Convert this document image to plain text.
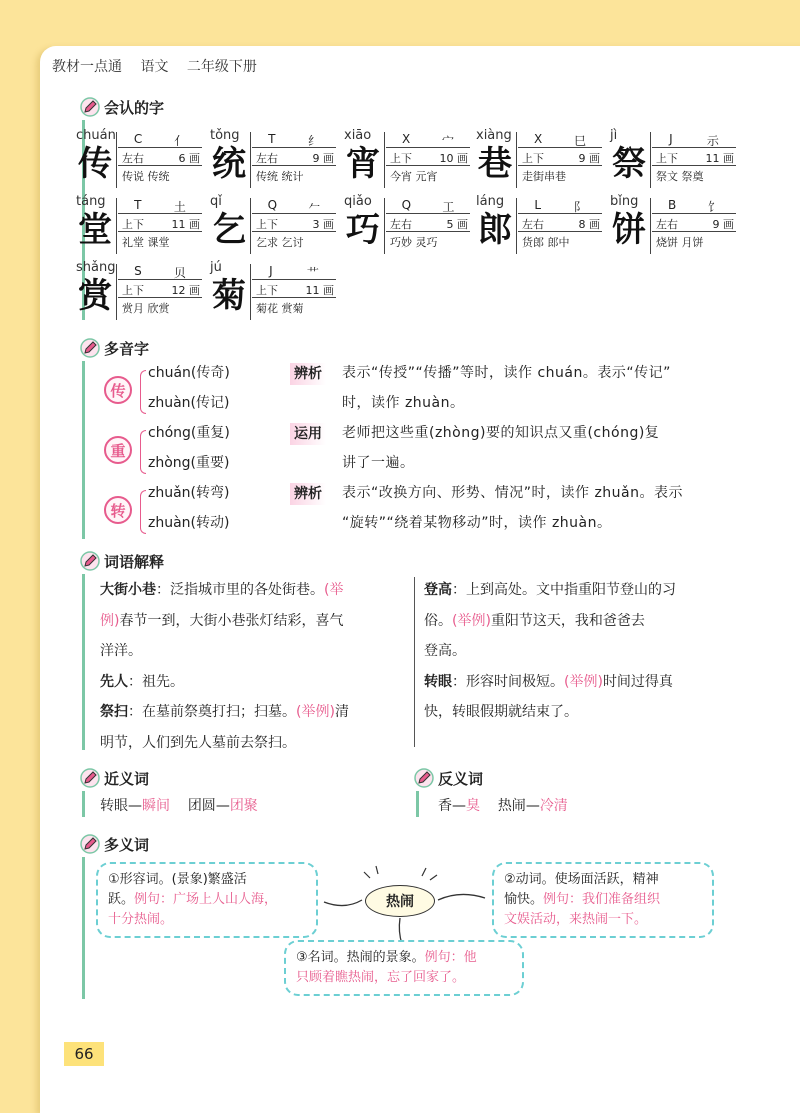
教材一点通 语文 二年级下册
会认的字
多音字
词语解释
近义词	反义词
多义词
chuán
传
C	亻
左右	6 画
传说 传统
tǒng
统
T	纟
左右	9 画
传统 统计
xiāo
宵
X	宀
上下	10 画
今宵 元宵
xiàng
巷
X	巳
上下	9 画
走街串巷
jì
祭
J	示
上下	11 画
祭文 祭奠
táng
堂
T	土
上下	11 画
礼堂 课堂
qǐ
乞
Q	𠂉
上下	3 画
乞求 乞讨
qiǎo
巧
Q	工
左右	5 画
巧妙 灵巧
láng
郎
L	阝
左右	8 画
货郎 郎中
bǐng
饼
B	饣
左右	9 画
烧饼 月饼
shǎng
赏
S	贝
上下	12 画
赏月 欣赏
jú
菊
J	艹
上下	11 画
菊花 赏菊
传
chuán(传奇)
zhuàn(传记)
辨析 表示“传授”“传播”等时，读作 chuán。表示“传记”
时，读作 zhuàn。
重
chóng(重复)
zhòng(重要)
运用 老师把这些重(zhòng)要的知识点又重(chóng)复
讲了一遍。
转
zhuǎn(转弯)
zhuàn(转动)
辨析 表示“改换方向、形势、情况”时，读作 zhuǎn。表示
“旋转”“绕着某物移动”时，读作 zhuàn。
大街小巷：泛指城市里的各处街巷。(举
例)春节一到，大街小巷张灯结彩，喜气
洋洋。
先人：祖先。
祭扫：在墓前祭奠打扫；扫墓。(举例)清
明节，人们到先人墓前去祭扫。
登高：上到高处。文中指重阳节登山的习
俗。(举例)重阳节这天，我和爸爸去
登高。
转眼：形容时间极短。(举例)时间过得真
快，转眼假期就结束了。
转眼—瞬间 团圆—团聚	香—臭 热闹—冷清
热闹
①形容词。(景象)繁盛活
跃。例句：广场上人山人海，
十分热闹。
②动词。使场面活跃，精神
愉快。例句：我们准备组织
文娱活动，来热闹一下。
③名词。热闹的景象。例句：他
只顾着瞧热闹，忘了回家了。
66
